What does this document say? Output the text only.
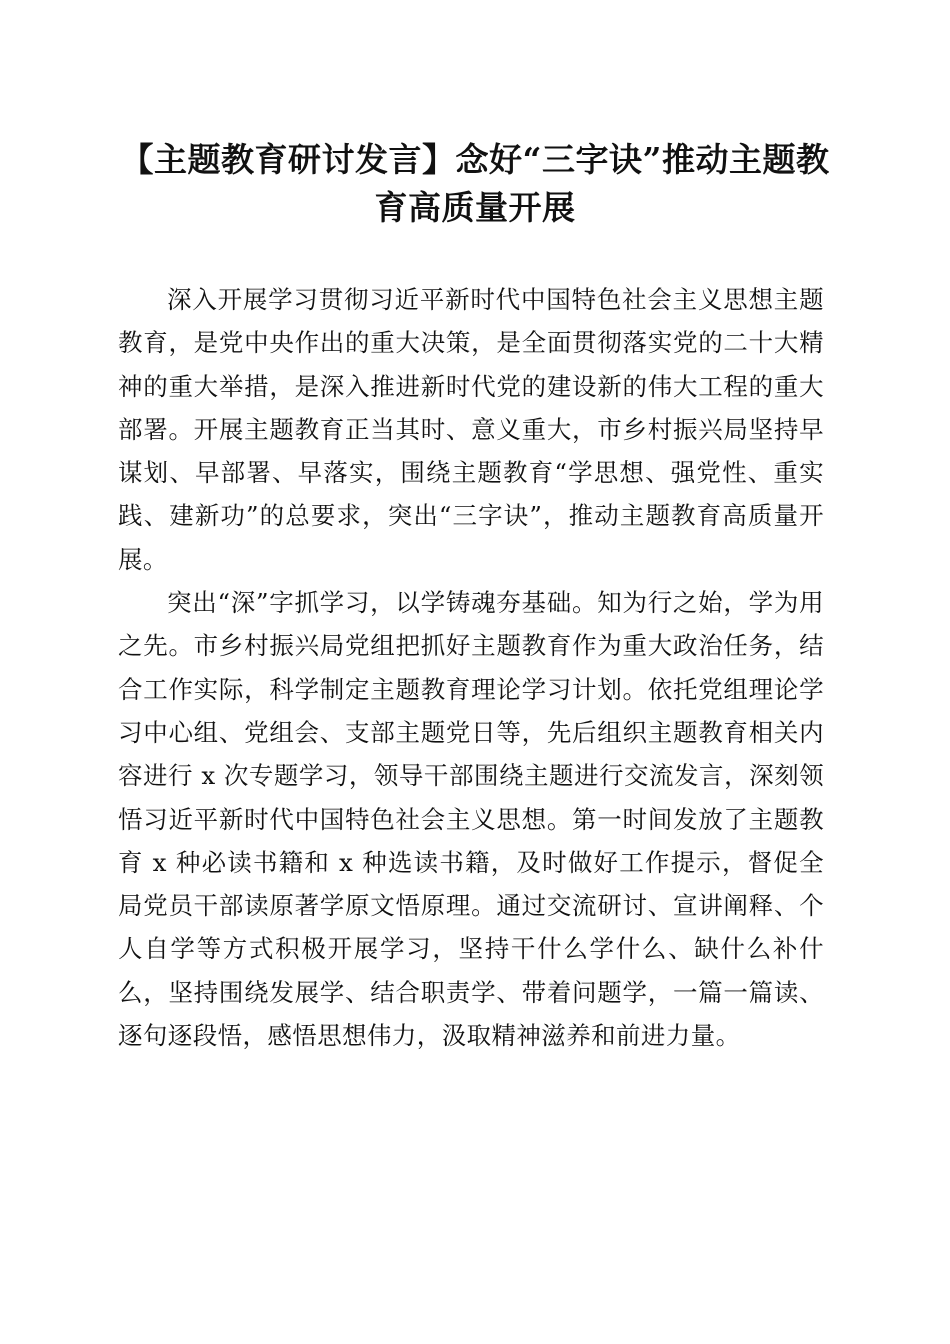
【主题教育研讨发言】念好“三字诀”推动主题教育高质量开展

深入开展学习贯彻习近平新时代中国特色社会主义思想主题教育，是党中央作出的重大决策，是全面贯彻落实党的二十大精神的重大举措，是深入推进新时代党的建设新的伟大工程的重大部署。开展主题教育正当其时、意义重大，市乡村振兴局坚持早谋划、早部署、早落实，围绕主题教育“学思想、强党性、重实践、建新功”的总要求，突出“三字诀”，推动主题教育高质量开展。

突出“深”字抓学习，以学铸魂夯基础。知为行之始，学为用之先。市乡村振兴局党组把抓好主题教育作为重大政治任务，结合工作实际，科学制定主题教育理论学习计划。依托党组理论学习中心组、党组会、支部主题党日等，先后组织主题教育相关内容进行 x 次专题学习，领导干部围绕主题进行交流发言，深刻领悟习近平新时代中国特色社会主义思想。第一时间发放了主题教育 x 种必读书籍和 x 种选读书籍，及时做好工作提示，督促全局党员干部读原著学原文悟原理。通过交流研讨、宣讲阐释、个人自学等方式积极开展学习，坚持干什么学什么、缺什么补什么，坚持围绕发展学、结合职责学、带着问题学，一篇一篇读、逐句逐段悟，感悟思想伟力，汲取精神滋养和前进力量。
